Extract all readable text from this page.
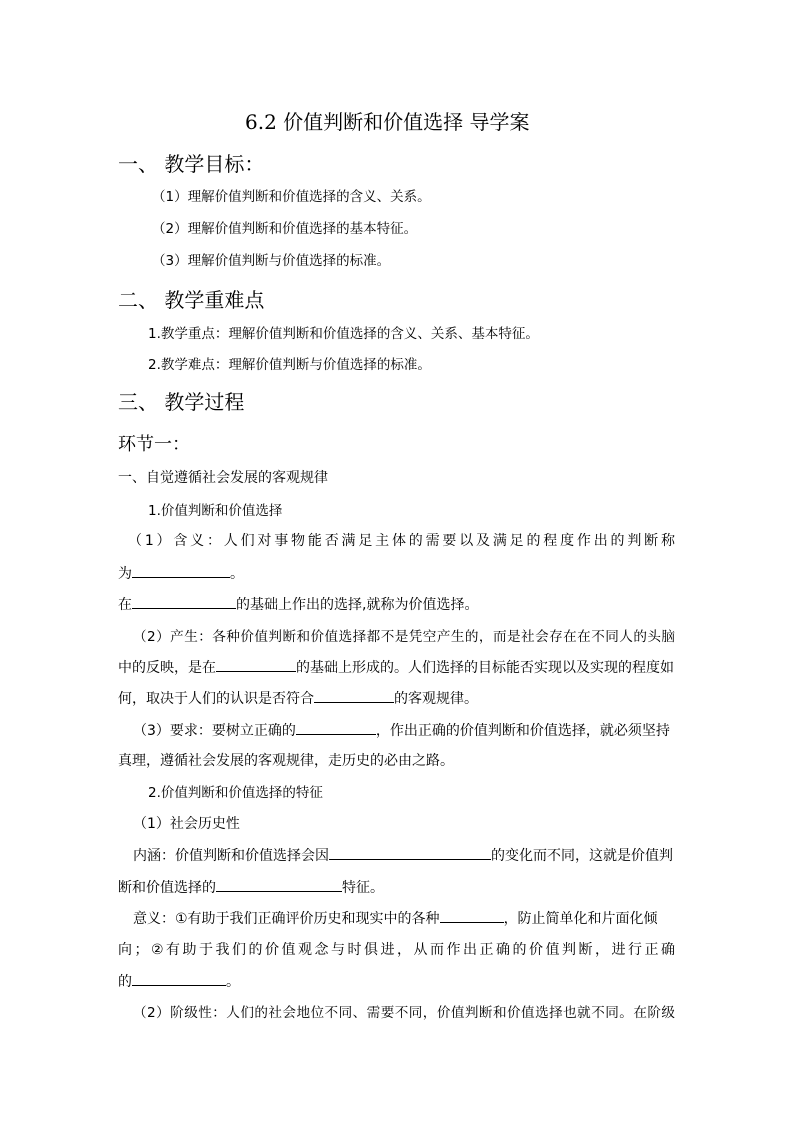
6.2 价值判断和价值选择 导学案
一、 教学目标：
（1）理解价值判断和价值选择的含义、关系。
（2）理解价值判断和价值选择的基本特征。
（3）理解价值判断与价值选择的标准。
二、 教学重难点
1.教学重点：理解价值判断和价值选择的含义、关系、基本特征。
2.教学难点：理解价值判断与价值选择的标准。
三、 教学过程
环节一：
一、自觉遵循社会发展的客观规律
1.价值判断和价值选择
（1）含义：人们对事物能否满足主体的需要以及满足的程度作出的判断称
为	。
在	的基础上作出的选择,就称为价值选择。
（2）产生：各种价值判断和价值选择都不是凭空产生的，而是社会存在在不同人的头脑
中的反映，是在	的基础上形成的。人们选择的目标能否实现以及实现的程度如
何，取决于人们的认识是否符合	的客观规律。
（3）要求：要树立正确的	，作出正确的价值判断和价值选择，就必须坚持
真理，遵循社会发展的客观规律，走历史的必由之路。
2.价值判断和价值选择的特征
（1）社会历史性
内涵：价值判断和价值选择会因	的变化而不同，这就是价值判
断和价值选择的	特征。
意义：①有助于我们正确评价历史和现实中的各种	，防止简单化和片面化倾
向；②有助于我们的价值观念与时俱进，从而作出正确的价值判断，进行正确
的	。
（2）阶级性：人们的社会地位不同、需要不同，价值判断和价值选择也就不同。在阶级
